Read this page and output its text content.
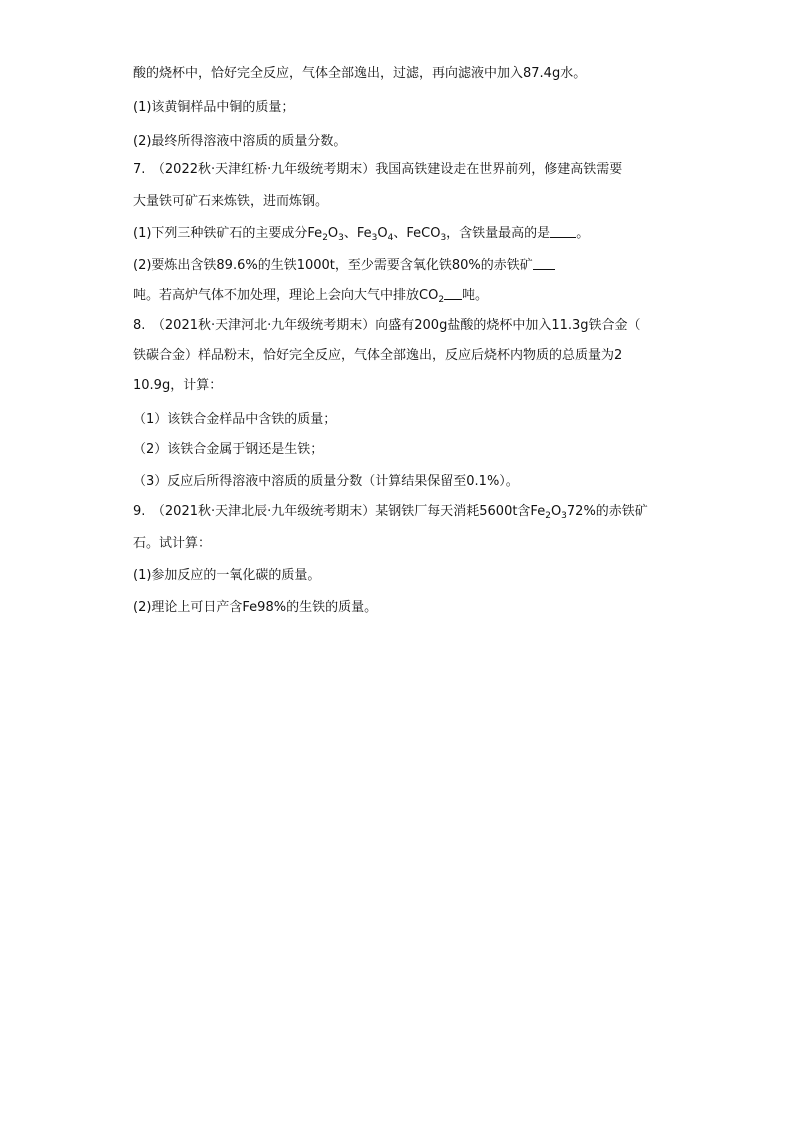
酸的烧杯中，恰好完全反应，气体全部逸出，过滤，再向滤液中加入87.4g水。
(1)该黄铜样品中铜的质量；
(2)最终所得溶液中溶质的质量分数。
7.　（2022秋·天津红桥·九年级统考期末）我国高铁建设走在世界前列，修建高铁需要
大量铁可矿石来炼铁，进而炼钢。
(1)下列三种铁矿石的主要成分$Fe_2O_3$、$Fe_3O_4$、FeCO$_3$，含铁量最高的是 。
(2)要炼出含铁89.6%的生铁1000t，至少需要含氧化铁80%的赤铁矿
吨。若高炉气体不加处理，理论上会向大气中排放$CO_2$ 吨。
8.　（2021秋·天津河北·九年级统考期末）向盛有200g盐酸的烧杯中加入11.3g铁合金（
铁碳合金）样品粉末，恰好完全反应，气体全部逸出，反应后烧杯内物质的总质量为2
10.9g，计算：
（1）该铁合金样品中含铁的质量；
（2）该铁合金属于钢还是生铁；
（3）反应后所得溶液中溶质的质量分数（计算结果保留至0.1%）。
9.　（2021秋·天津北辰·九年级统考期末）某钢铁厂每天消耗5600t含$Fe_2O_372\%$的赤铁矿
石。试计算：
(1)参加反应的一氧化碳的质量。
(2)理论上可日产含Fe98%的生铁的质量。
